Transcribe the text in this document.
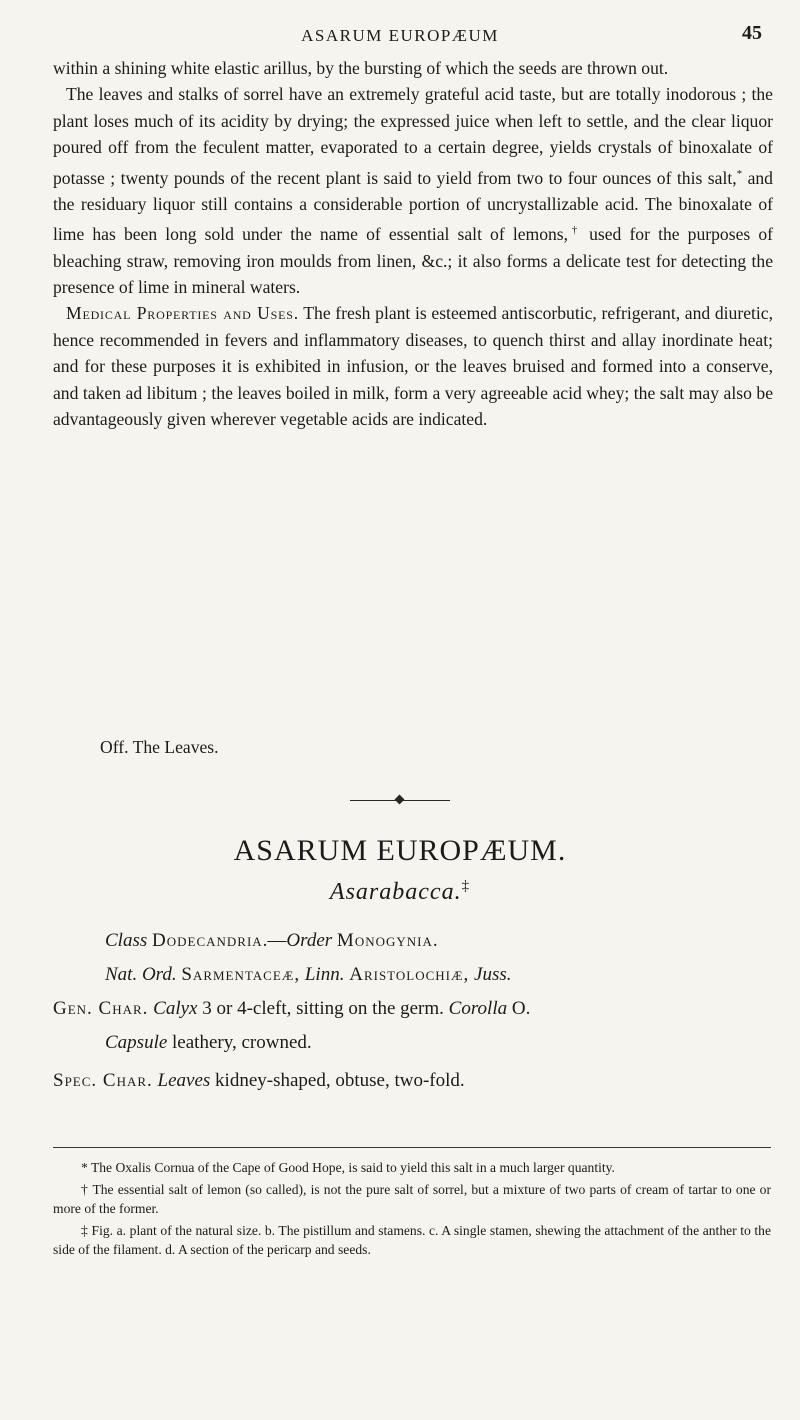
ASARUM EUROPÆUM	45

within a shining white elastic arillus, by the bursting of which the seeds are thrown out.

The leaves and stalks of sorrel have an extremely grateful acid taste, but are totally inodorous ; the plant loses much of its acidity by drying; the expressed juice when left to settle, and the clear liquor poured off from the feculent matter, evaporated to a certain degree, yields crystals of binoxalate of potasse ; twenty pounds of the recent plant is said to yield from two to four ounces of this salt,* and the residuary liquor still contains a considerable portion of uncrystallizable acid. The binoxalate of lime has been long sold under the name of essential salt of lemons,† used for the purposes of bleaching straw, removing iron moulds from linen, &c.; it also forms a delicate test for detecting the presence of lime in mineral waters.

Medical Properties and Uses. The fresh plant is esteemed antiscorbutic, refrigerant, and diuretic, hence recommended in fevers and inflammatory diseases, to quench thirst and allay inordinate heat; and for these purposes it is exhibited in infusion, or the leaves bruised and formed into a conserve, and taken ad libitum ; the leaves boiled in milk, form a very agreeable acid whey; the salt may also be advantageously given wherever vegetable acids are indicated.

Off. The Leaves.
ASARUM EUROPÆUM.
Asarabacca.‡
Class Dodecandria.—Order Monogynia.
Nat. Ord. Sarmentaceæ, Linn. Aristolochiæ, Juss.
Gen. Char. Calyx 3 or 4-cleft, sitting on the germ. Corolla O.
Capsule leathery, crowned.
Spec. Char. Leaves kidney-shaped, obtuse, two-fold.

* The Oxalis Cornua of the Cape of Good Hope, is said to yield this salt in a much larger quantity.

† The essential salt of lemon (so called), is not the pure salt of sorrel, but a mixture of two parts of cream of tartar to one or more of the former.

‡ Fig. a. plant of the natural size. b. The pistillum and stamens. c. A single stamen, shewing the attachment of the anther to the side of the filament. d. A section of the pericarp and seeds.
